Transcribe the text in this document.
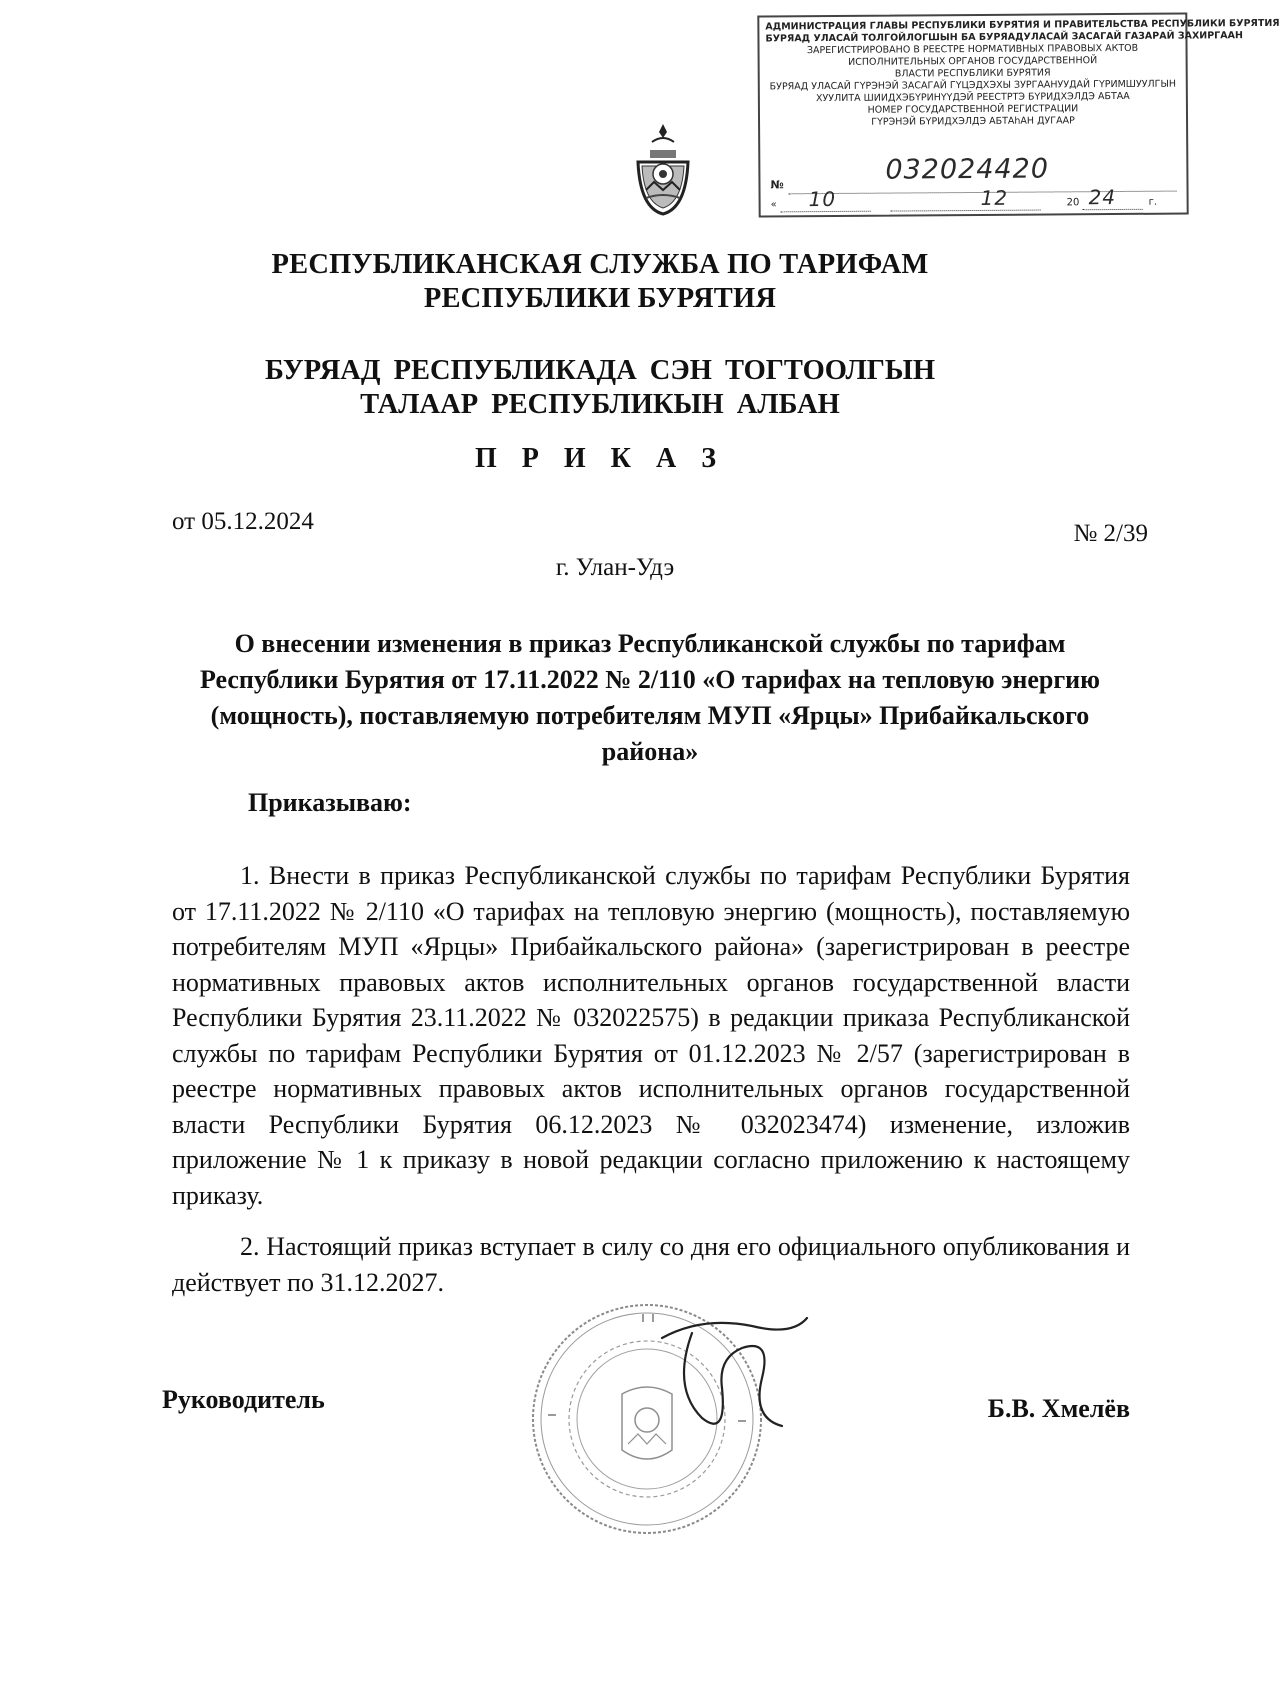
АДМИНИСТРАЦИЯ ГЛАВЫ РЕСПУБЛИКИ БУРЯТИЯ И ПРАВИТЕЛЬСТВА РЕСПУБЛИКИ БУРЯТИЯ
БУРЯАД УЛАСАЙ ТОЛГОЙЛОГШЫН БА БУРЯАДУЛАСАЙ ЗАСАГАЙ ГАЗАРАЙ ЗАХИРГААН
ЗАРЕГИСТРИРОВАНО В РЕЕСТРЕ НОРМАТИВНЫХ ПРАВОВЫХ АКТОВ
ИСПОЛНИТЕЛЬНЫХ ОРГАНОВ ГОСУДАРСТВЕННОЙ
ВЛАСТИ РЕСПУБЛИКИ БУРЯТИЯ
БУРЯАД УЛАСАЙ ГҮРЭНЭЙ ЗАСАГАЙ ГҮЦЭДХЭХЫ ЗУРГААНУУДАЙ ГҮРИМШУУЛГЫН
ХУУЛИТА ШИИДХЭБҮРИНҮҮДЭЙ РЕЕСТРТЭ БҮРИДХЭЛДЭ АБТАА
НОМЕР ГОСУДАРСТВЕННОЙ РЕГИСТРАЦИИ
ГҮРЭНЭЙ БҮРИДХЭЛДЭ АБТАһАН ДУГААР
№	032024420
« 10	12	20 24	г.
РЕСПУБЛИКАНСКАЯ СЛУЖБА ПО ТАРИФАМ РЕСПУБЛИКИ БУРЯТИЯ
БУРЯАД РЕСПУБЛИКАДА СЭН ТОГТООЛГЫН ТАЛААР РЕСПУБЛИКЫН АЛБАН
П Р И К А З
от 05.12.2024	№ 2/39
г. Улан-Удэ
О внесении изменения в приказ Республиканской службы по тарифам Республики Бурятия от 17.11.2022 № 2/110 «О тарифах на тепловую энергию (мощность), поставляемую потребителям МУП «Ярцы» Прибайкальского района»
Приказываю:
1. Внести в приказ Республиканской службы по тарифам Республики Бурятия от 17.11.2022 № 2/110 «О тарифах на тепловую энергию (мощность), поставляемую потребителям МУП «Ярцы» Прибайкальского района» (зарегистрирован в реестре нормативных правовых актов исполнительных органов государственной власти Республики Бурятия 23.11.2022 № 032022575) в редакции приказа Республиканской службы по тарифам Республики Бурятия от 01.12.2023 № 2/57 (зарегистрирован в реестре нормативных правовых актов исполнительных органов государственной власти Республики Бурятия 06.12.2023 № 032023474) изменение, изложив приложение № 1 к приказу в новой редакции согласно приложению к настоящему приказу.
2. Настоящий приказ вступает в силу со дня его официального опубликования и действует по 31.12.2027.
Руководитель	Б.В. Хмелёв
